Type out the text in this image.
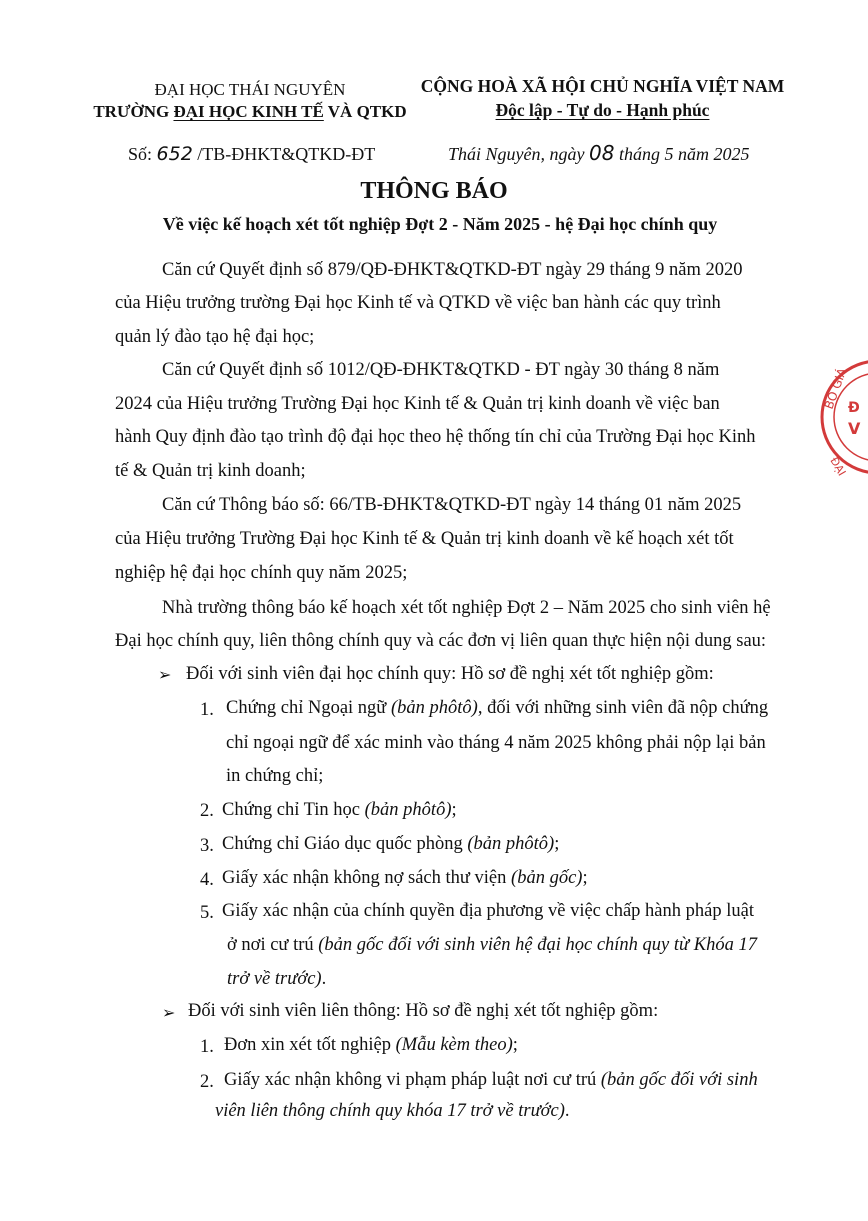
ĐẠI HỌC THÁI NGUYÊN
TRƯỜNG ĐẠI HỌC KINH TẾ VÀ QTKD
CỘNG HOÀ XÃ HỘI CHỦ NGHĨA VIỆT NAM
Độc lập - Tự do - Hạnh phúc
Số: 652 /TB-ĐHKT&QTKD-ĐT	Thái Nguyên, ngày 08 tháng 5 năm 2025
THÔNG BÁO
Về việc kế hoạch xét tốt nghiệp Đợt 2 - Năm 2025 - hệ Đại học chính quy
Căn cứ Quyết định số 879/QĐ-ĐHKT&QTKD-ĐT ngày 29 tháng 9 năm 2020
của Hiệu trưởng trường Đại học Kinh tế và QTKD về việc ban hành các quy trình
quản lý đào tạo hệ đại học;
Căn cứ Quyết định số 1012/QĐ-ĐHKT&QTKD - ĐT ngày 30 tháng 8 năm
2024 của Hiệu trưởng Trường Đại học Kinh tế & Quản trị kinh doanh về việc ban
hành Quy định đào tạo trình độ đại học theo hệ thống tín chỉ của Trường Đại học Kinh
tế & Quản trị kinh doanh;
Căn cứ Thông báo số: 66/TB-ĐHKT&QTKD-ĐT ngày 14 tháng 01 năm 2025
của Hiệu trưởng Trường Đại học Kinh tế & Quản trị kinh doanh về kế hoạch xét tốt
nghiệp hệ đại học chính quy năm 2025;
Nhà trường thông báo kế hoạch xét tốt nghiệp Đợt 2 – Năm 2025 cho sinh viên hệ
Đại học chính quy, liên thông chính quy và các đơn vị liên quan thực hiện nội dung sau:
➢ Đối với sinh viên đại học chính quy: Hồ sơ đề nghị xét tốt nghiệp gồm:
1. Chứng chỉ Ngoại ngữ (bản phôtô), đối với những sinh viên đã nộp chứng
chỉ ngoại ngữ để xác minh vào tháng 4 năm 2025 không phải nộp lại bản
in chứng chỉ;
2. Chứng chỉ Tin học (bản phôtô);
3. Chứng chỉ Giáo dục quốc phòng (bản phôtô);
4. Giấy xác nhận không nợ sách thư viện (bản gốc);
5. Giấy xác nhận của chính quyền địa phương về việc chấp hành pháp luật
ở nơi cư trú (bản gốc đối với sinh viên hệ đại học chính quy từ Khóa 17
trở về trước).
➢ Đối với sinh viên liên thông: Hồ sơ đề nghị xét tốt nghiệp gồm:
1. Đơn xin xét tốt nghiệp (Mẫu kèm theo);
2. Giấy xác nhận không vi phạm pháp luật nơi cư trú (bản gốc đối với sinh
viên liên thông chính quy khóa 17 trở về trước).
BỘ GIÁ
Đ
V
ĐẠI
